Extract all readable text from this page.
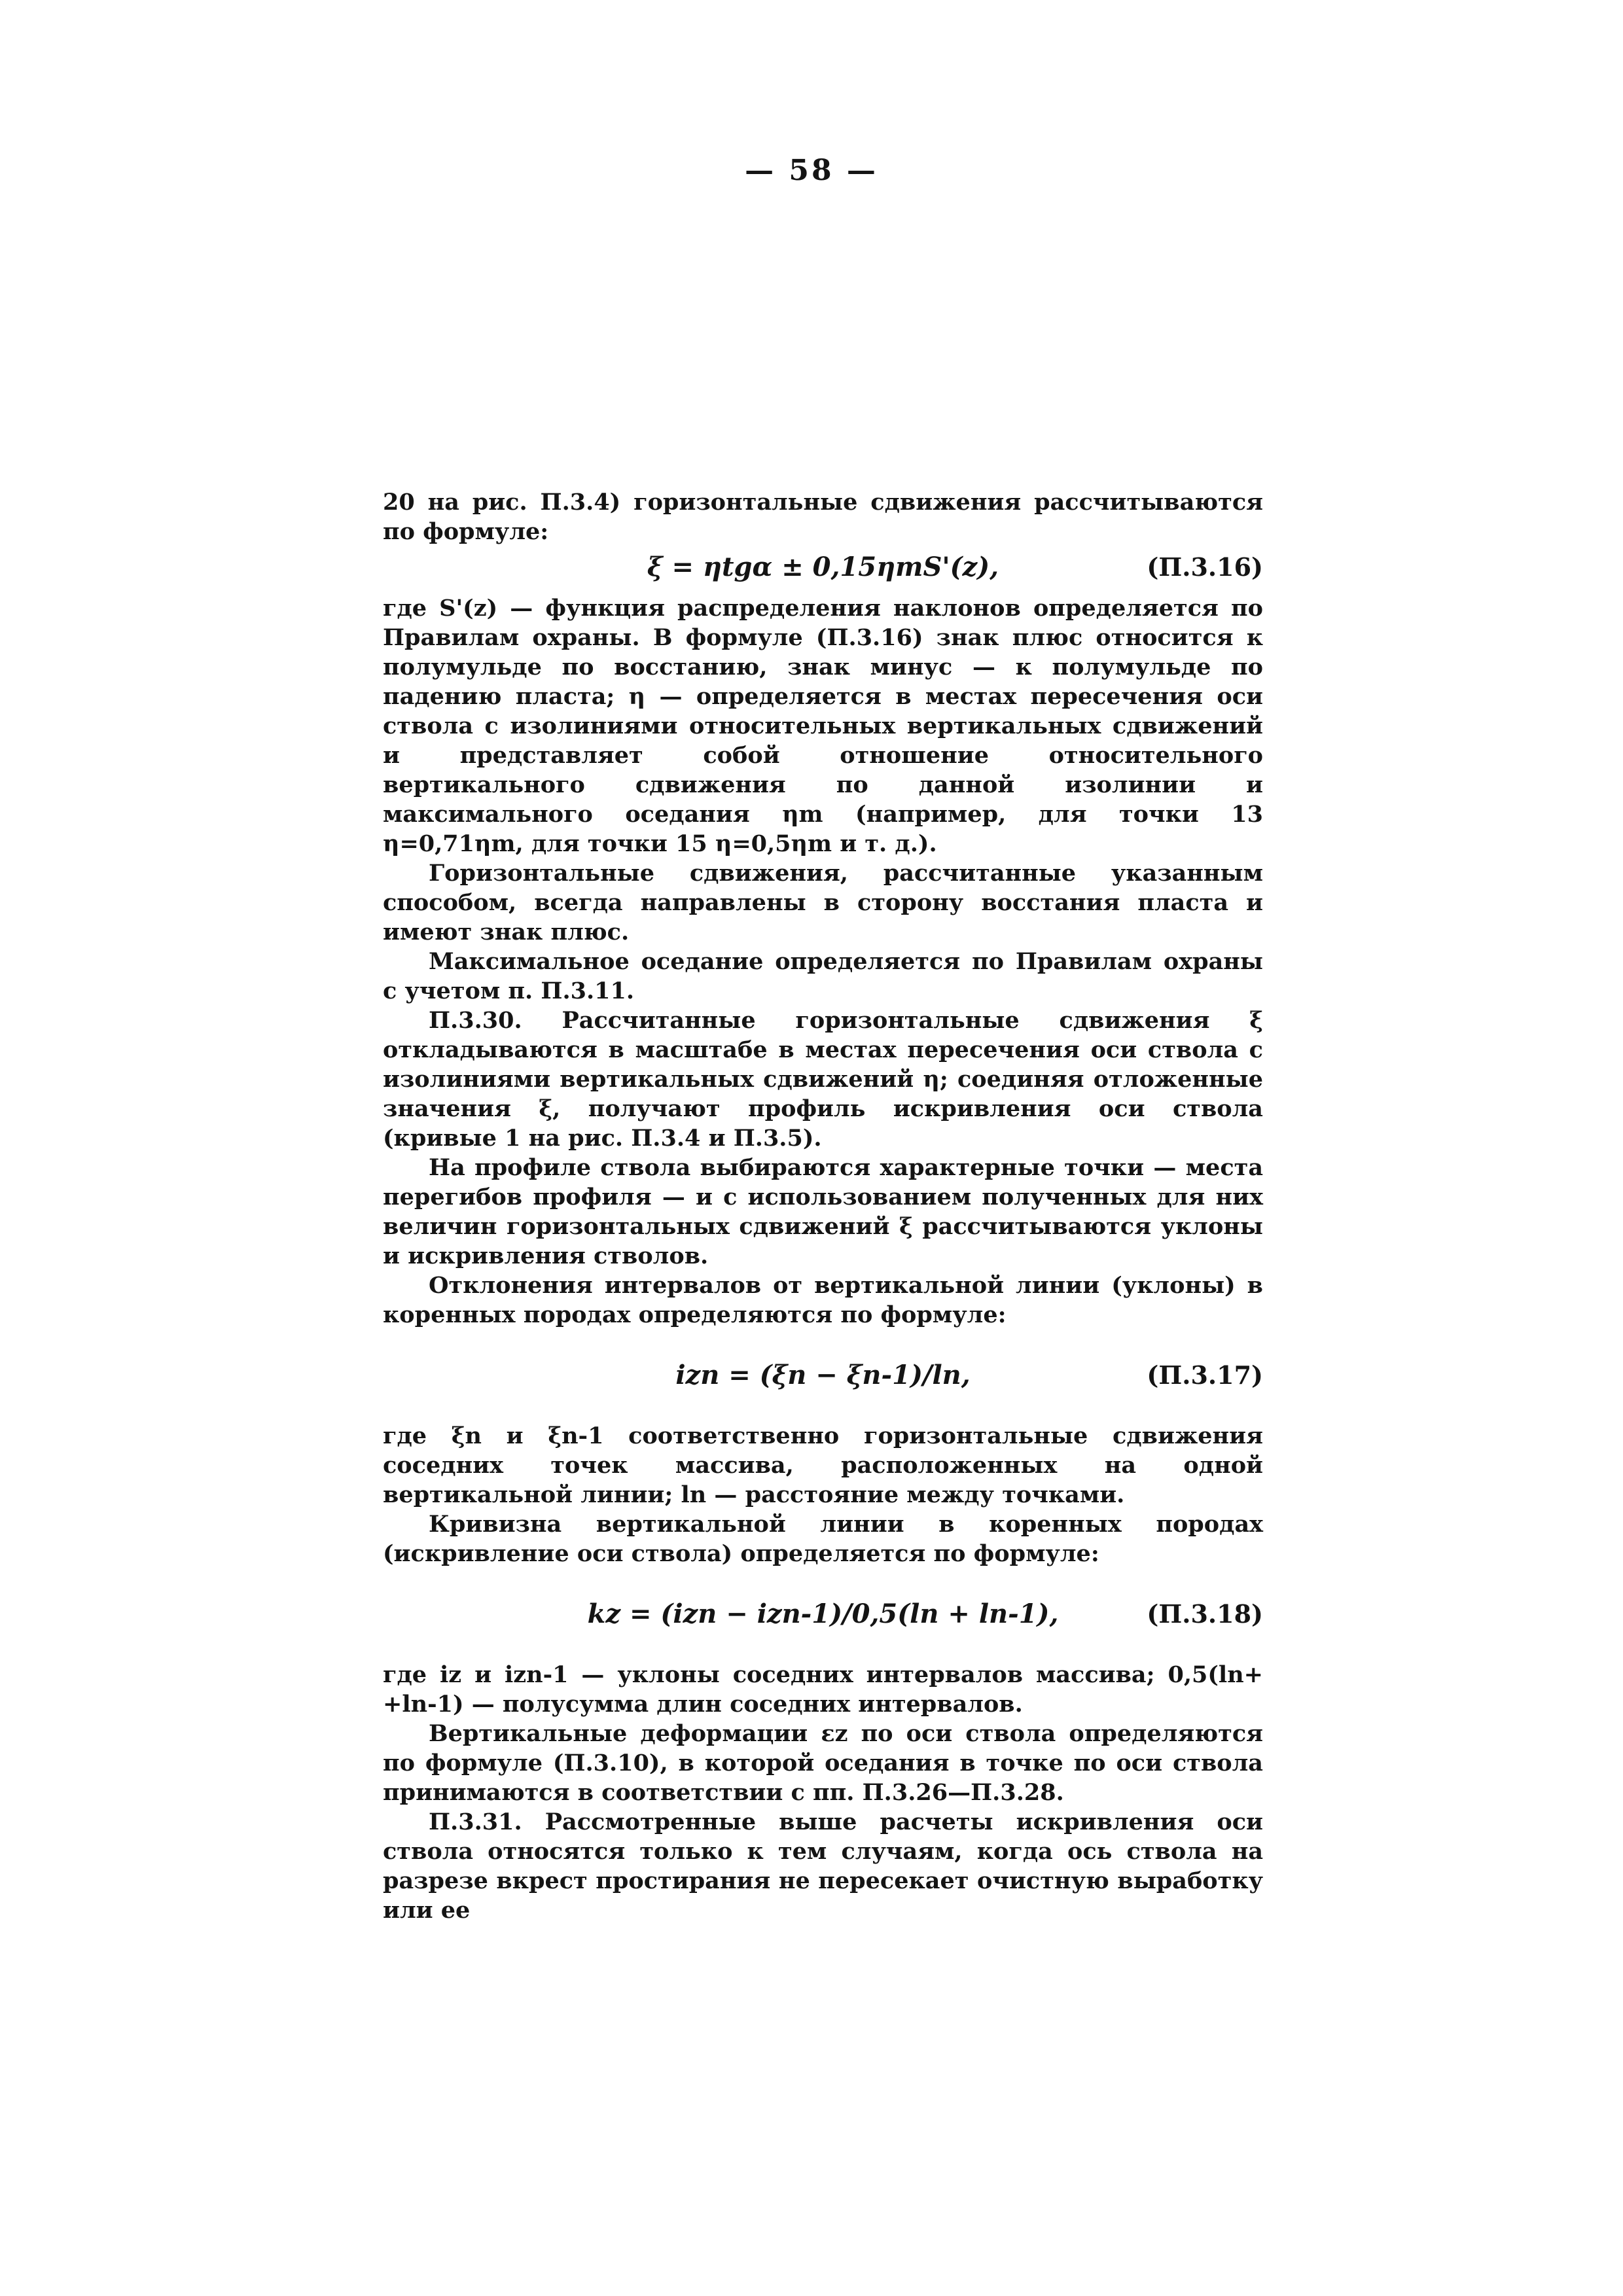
— 58 —

20 на рис. П.3.4) горизонтальные сдвижения рассчитываются по формуле:

ξ = ηtgα ± 0,15ηmS'(z),	(П.3.16)

где S'(z) — функция распределения наклонов определяется по Правилам охраны. В формуле (П.3.16) знак плюс относится к полумульде по восстанию, знак минус — к полумульде по падению пласта; η — определяется в местах пересечения оси ствола с изолиниями относительных вертикальных сдвижений и представляет собой отношение относительного вертикального сдвижения по данной изолинии и максимального оседания ηm (например, для точки 13 η=0,71ηm, для точки 15 η=0,5ηm и т. д.).

Горизонтальные сдвижения, рассчитанные указанным способом, всегда направлены в сторону восстания пласта и имеют знак плюс.

Максимальное оседание определяется по Правилам охраны с учетом п. П.3.11.

П.3.30. Рассчитанные горизонтальные сдвижения ξ откладываются в масштабе в местах пересечения оси ствола с изолиниями вертикальных сдвижений η; соединяя отложенные значения ξ, получают профиль искривления оси ствола (кривые 1 на рис. П.3.4 и П.3.5).

На профиле ствола выбираются характерные точки — места перегибов профиля — и с использованием полученных для них величин горизонтальных сдвижений ξ рассчитываются уклоны и искривления стволов.

Отклонения интервалов от вертикальной линии (уклоны) в коренных породах определяются по формуле:

izn = (ξn − ξn-1)/ln,	(П.3.17)

где ξn и ξn-1 соответственно горизонтальные сдвижения соседних точек массива, расположенных на одной вертикальной линии; ln — расстояние между точками.

Кривизна вертикальной линии в коренных породах (искривление оси ствола) определяется по формуле:

kz = (izn − izn-1)/0,5(ln + ln-1),	(П.3.18)

где iz и izn-1 — уклоны соседних интервалов массива; 0,5(ln+ +ln-1) — полусумма длин соседних интервалов.

Вертикальные деформации εz по оси ствола определяются по формуле (П.3.10), в которой оседания в точке по оси ствола принимаются в соответствии с пп. П.3.26—П.3.28.

П.3.31. Рассмотренные выше расчеты искривления оси ствола относятся только к тем случаям, когда ось ствола на разрезе вкрест простирания не пересекает очистную выработку или ее
